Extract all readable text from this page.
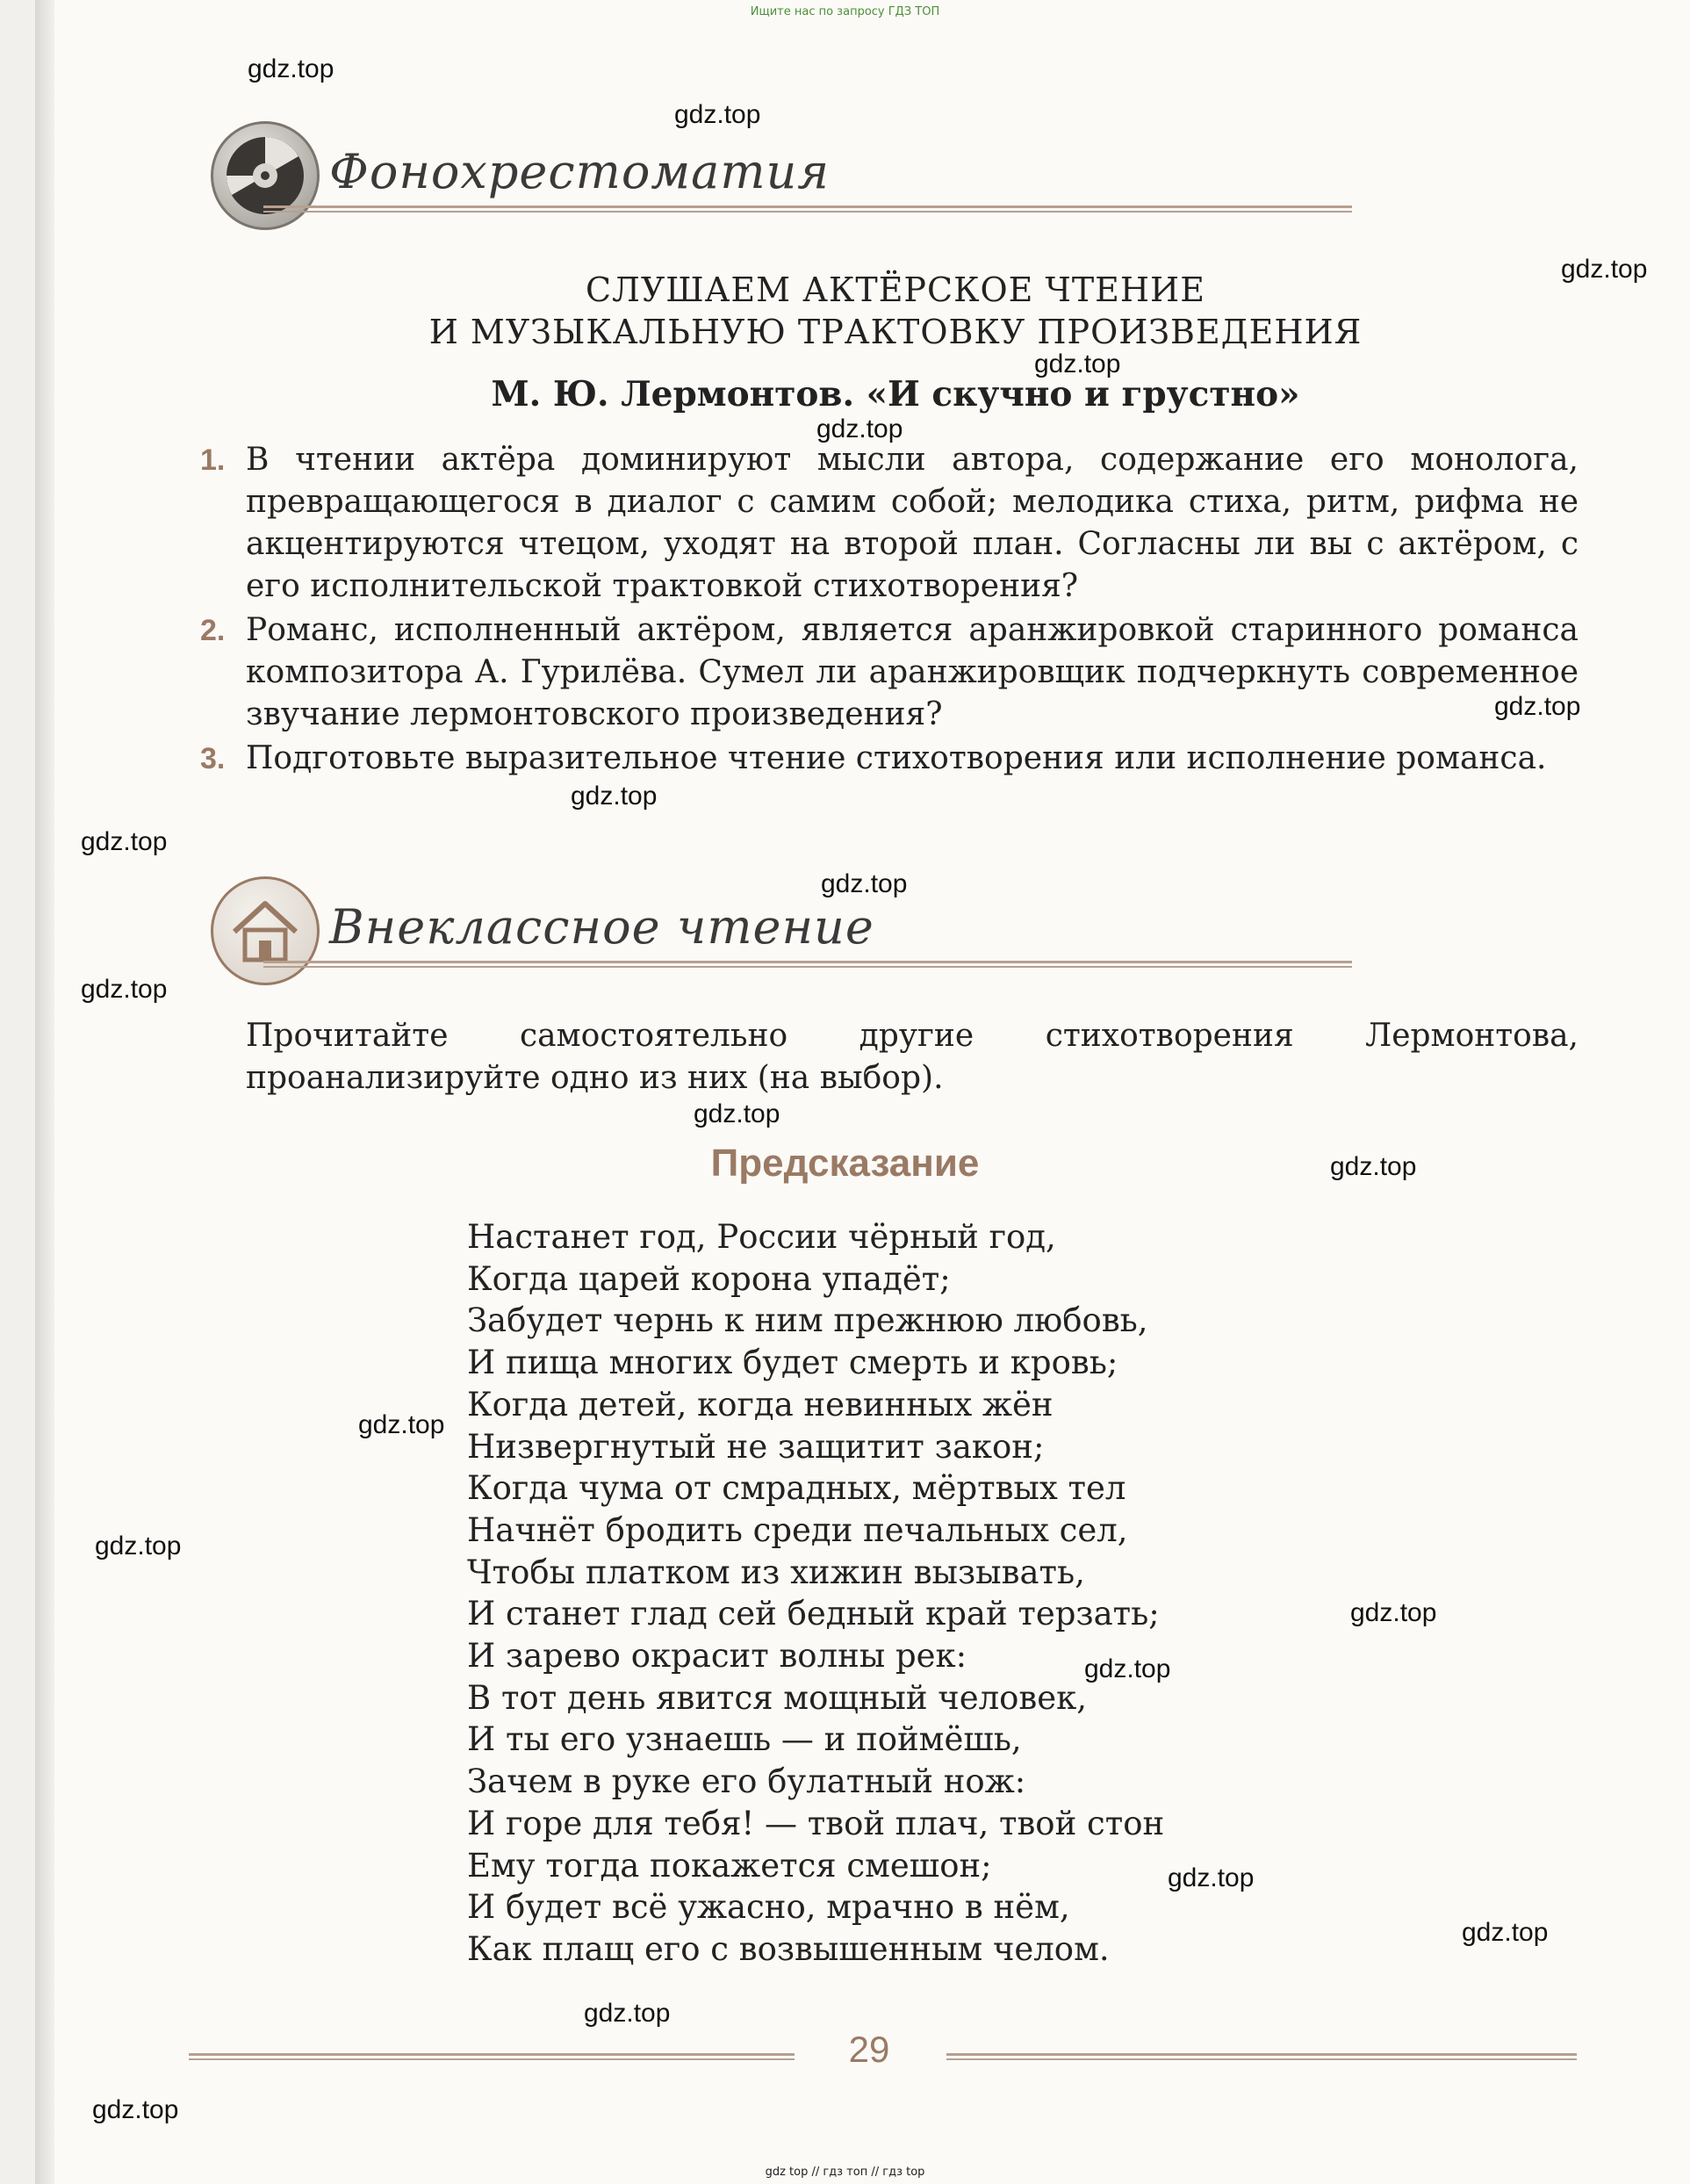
Ищите нас по запросу ГДЗ ТОП
gdz.top
gdz.top
gdz.top
gdz.top
gdz.top
gdz.top
gdz.top
gdz.top
gdz.top
gdz.top
gdz.top
gdz.top
gdz.top
gdz.top
gdz.top
gdz.top
gdz.top
gdz.top
gdz.top
gdz.top
Фонохрестоматия
СЛУШАЕМ АКТЁРСКОЕ ЧТЕНИЕ
И МУЗЫКАЛЬНУЮ ТРАКТОВКУ ПРОИЗВЕДЕНИЯ
М. Ю. Лермонтов. «И скучно и грустно»
1. В чтении актёра доминируют мысли автора, содержание его монолога, превращающегося в диалог с самим собой; мелодика стиха, ритм, рифма не акцентируются чтецом, уходят на второй план. Согласны ли вы с актёром, с его исполнительской трактовкой стихотворения?
2. Романс, исполненный актёром, является аранжировкой старинного романса композитора А. Гурилёва. Сумел ли аранжировщик подчеркнуть современное звучание лермонтовского произведения?
3. Подготовьте выразительное чтение стихотворения или исполнение романса.
Внеклассное чтение
Прочитайте самостоятельно другие стихотворения Лермонтова, проанализируйте одно из них (на выбор).
Предсказание
Настанет год, России чёрный год,
Когда царей корона упадёт;
Забудет чернь к ним прежнюю любовь,
И пища многих будет смерть и кровь;
Когда детей, когда невинных жён
Низвергнутый не защитит закон;
Когда чума от смрадных, мёртвых тел
Начнёт бродить среди печальных сел,
Чтобы платком из хижин вызывать,
И станет глад сей бедный край терзать;
И зарево окрасит волны рек:
В тот день явится мощный человек,
И ты его узнаешь — и поймёшь,
Зачем в руке его булатный нож:
И горе для тебя! — твой плач, твой стон
Ему тогда покажется смешон;
И будет всё ужасно, мрачно в нём,
Как плащ его с возвышенным челом.
29
gdz top // гдз топ // гдз top
